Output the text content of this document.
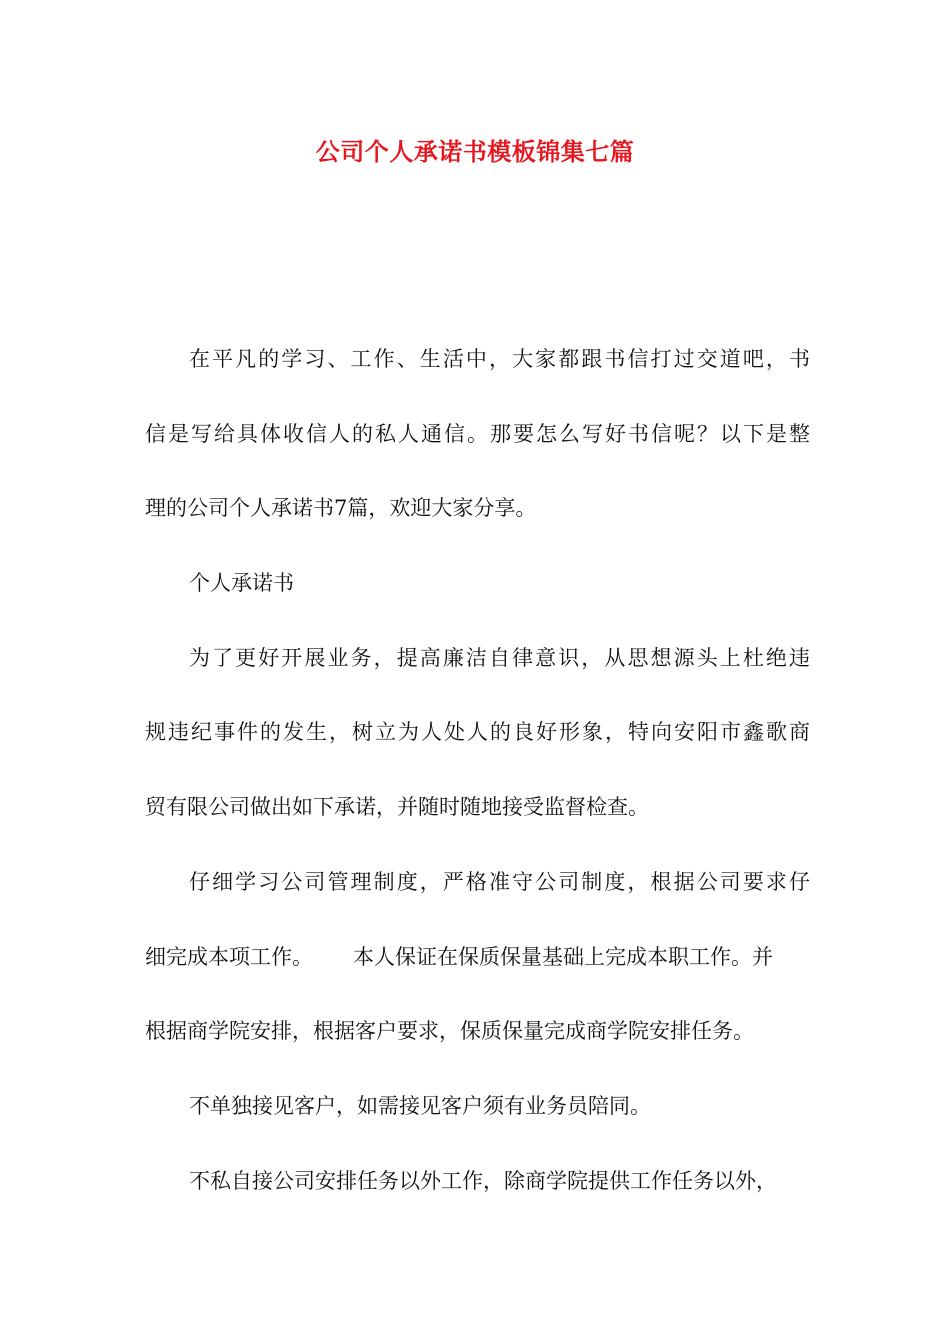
公司个人承诺书模板锦集七篇
在平凡的学习、工作、生活中，大家都跟书信打过交道吧，书
信是写给具体收信人的私人通信。那要怎么写好书信呢？以下是整
理的公司个人承诺书7篇，欢迎大家分享。
个人承诺书
为了更好开展业务，提高廉洁自律意识，从思想源头上杜绝违
规违纪事件的发生，树立为人处人的良好形象，特向安阳市鑫歌商
贸有限公司做出如下承诺，并随时随地接受监督检查。
仔细学习公司管理制度，严格准守公司制度，根据公司要求仔
细完成本项工作。 本人保证在保质保量基础上完成本职工作。并
根据商学院安排，根据客户要求，保质保量完成商学院安排任务。
不单独接见客户，如需接见客户须有业务员陪同。
不私自接公司安排任务以外工作，除商学院提供工作任务以外，
